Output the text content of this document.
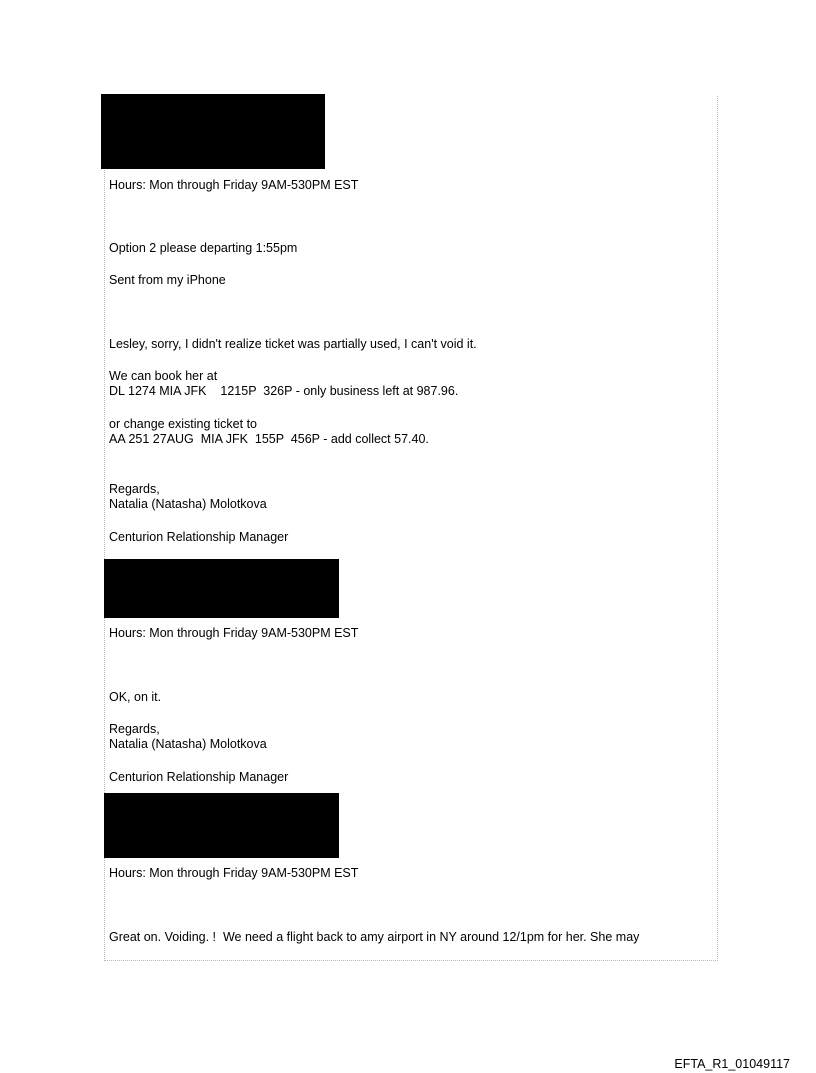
Hours: Mon through Friday 9AM-530PM EST

Option 2 please departing 1:55pm

Sent from my iPhone

Lesley, sorry, I didn't realize ticket was partially used, I can't void it.

We can book her at

DL 1274 MIA JFK    1215P  326P - only business left at 987.96.

or change existing ticket to

AA 251 27AUG  MIA JFK  155P  456P - add collect 57.40.

Regards,

Natalia (Natasha) Molotkova

Centurion Relationship Manager

Hours: Mon through Friday 9AM-530PM EST

OK, on it.

Regards,

Natalia (Natasha) Molotkova

Centurion Relationship Manager

Hours: Mon through Friday 9AM-530PM EST

Great on. Voiding. !  We need a flight back to amy airport in NY around 12/1pm for her. She may

EFTA_R1_01049117
